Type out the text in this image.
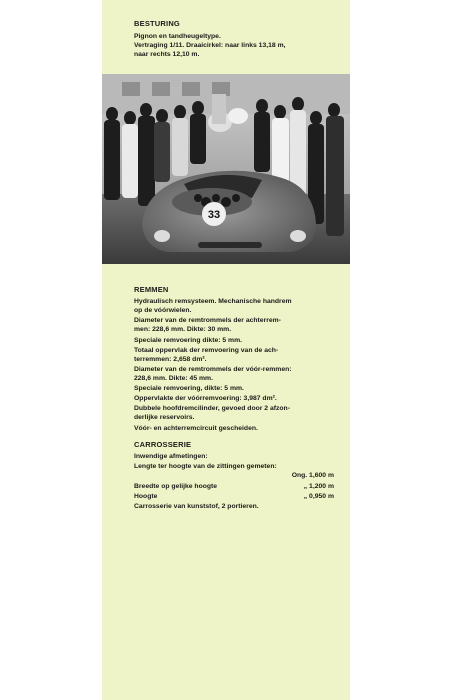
BESTURING
Pignon en tandheugeltype.
Vertraging 1/11. Draaicirkel: naar links 13,18 m,
naar rechts 12,10 m.
33
REMMEN
Hydraulisch remsysteem. Mechanische handrem
op de vóórwielen.
Diameter van de remtrommels der achterrem-
men: 228,6 mm. Dikte: 30 mm.
Speciale remvoering dikte: 5 mm.
Totaal oppervlak der remvoering van de ach-
terremmen: 2,658 dm².
Diameter van de remtrommels der vóór-remmen:
228,6 mm. Dikte: 45 mm.
Speciale remvoering, dikte: 5 mm.
Oppervlakte der vóórremvoering: 3,987 dm².
Dubbele hoofdremcilinder, gevoed door 2 afzon-
derlijke reservoirs.
Vóór- en achterremcircuit gescheiden.
CARROSSERIE
Inwendige afmetingen:
Lengte ter hoogte van de zittingen gemeten:
Ong. 1,600 m
Breedte op gelijke hoogte	„ 1,200 m
Hoogte	„ 0,950 m
Carrosserie van kunststof, 2 portieren.
